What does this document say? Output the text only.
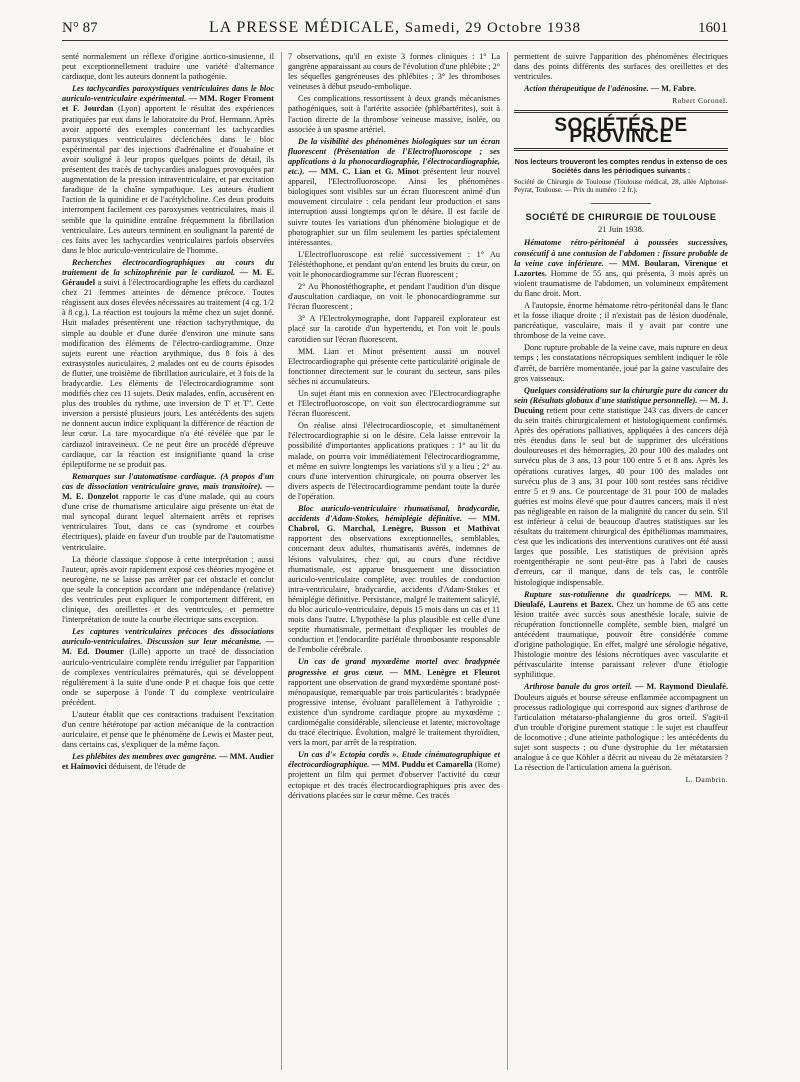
N° 87	LA PRESSE MÉDICALE, Samedi, 29 Octobre 1938	1601

senté normalement un réflexe d'origine aortico-sinusienne, il peut exceptionnellement traduire une variété d'alternance cardiaque, dont les auteurs donnent la pathogénie.

Les tachycardies paroxystiques ventriculaires dans le bloc auriculo-ventriculaire expérimental. — MM. Roger Froment et F. Jourdan (Lyon) apportent le résultat des expériences pratiquées par eux dans le laboratoire du Prof. Hermann. Après avoir apporté des exemples concernant les tachycardies paroxystiques ventriculaires déclenchées dans le bloc expérimental par des injections d'adrénaline et d'ouabaïne et avoir souligné à leur propos quelques points de détail, ils présentent des tracés de tachycardies analogues provoquées par augmentation de la pression intraventriculaire, et par excitation faradique de la chaîne sympathique. Les auteurs étudient l'action de la quinidine et de l'acétylcholine. Ces deux produits interrompent facilement ces paroxysmes ventriculaires, mais il semble que la quinidine entraîne fréquemment la fibrillation ventriculaire. Les auteurs terminent en soulignant la parenté de ces faits avec les tachycardies ventriculaires parfois observées dans le bloc auriculo-ventriculaire de l'homme.

Recherches électrocardiographiques au cours du traitement de la schizophrénie par le cardiazol. — M. E. Géraudel a suivi à l'électrocardiographe les effets du cardiazol chez 21 femmes atteintes de démence précoce. Toutes réagissent aux doses élevées nécessaires au traitement (4 cg. 1/2 à 8 cg.). La réaction est toujours la même chez un sujet donné. Huit malades présentèrent une réaction tachyrythmique, du simple au double et d'une durée d'environ une minute sans modification des éléments de l'électro-cardiogramme. Onze sujets eurent une réaction arythmique, dus 8 fois à des extrasystoles auriculaires, 2 malades ont eu de courts épisodes de flutter, une troisième de fibrillation auriculaire, et 3 fois de la bradycardie. Les éléments de l'électrocardiogramme sont modifiés chez ces 11 sujets. Deux malades, enfin, accusèrent en plus des troubles du rythme, une inversion de T' et T''. Cette inversion a persisté plusieurs jours. Les antécédents des sujets ne donnent aucun indice expliquant la différence de réaction de leur cœur. La tare myocardique n'a été révélée que par le cardiazol intraveineux. Ce ne peut être un procédé d'épreuve cardiaque, car la réaction est insignifiante quand la crise épileptiforme ne se produit pas.

Remarques sur l'automatisme cardiaque. (A propos d'un cas de dissociation ventriculaire grave, mais transitoire). — M. E. Donzelot rapporte le cas d'une malade, qui au cours d'une crise de rhumatisme articulaire aigu présente un état de mal syncopal durant lequel alternaient arrêts et reprises ventriculaires Tout, dans ce cas (syndrome et courbes électriques), plaide en faveur d'un trouble par de l'automatisme ventriculaire.

La théorie classique s'oppose à cette interprétation ; aussi l'auteur, après avoir rapidement exposé ces théories myogène et neurogène, ne se laisse pas arrêter par cet obstacle et conclut que seule la conception accordant une indépendance (relative) des ventricules peut expliquer le comportement différent, en clinique, des oreillettes et des ventricules, et permettre l'interprétation de toute la courbe électrique sans exception.

Les captures ventriculaires précoces des dissociations auriculo-ventriculaires. Discussion sur leur mécanisme. — M. Ed. Doumer (Lille) apporte un tracé de dissociation auriculo-ventriculaire complète rendu irrégulier par l'apparition de complexes ventriculaires prématurés, qui se développent régulièrement à la suite d'une onde P et chaque fois que cette onde se superpose à l'onde T du complexe ventriculaire précédent.

L'auteur établit que ces contractions traduisent l'excitation d'un centre hétérotope par action mécanique de la contraction auriculaire, et pense que le phénomène de Lewis et Master peut, dans certains cas, s'expliquer de la même façon.

Les phlébites des membres avec gangrène. — MM. Audier et Haimovici déduisent, de l'étude de

7 observations, qu'il en existe 3 formes cliniques : 1° La gangrène apparaissant au cours de l'évolution d'une phlébite ; 2° les séquelles gangréneuses des phlébites ; 3° les thromboses veineuses à début pseudo-embolique.

Ces complications ressortissent à deux grands mécanismes pathogéniques, soit à l'artérite associée (phlébartérites), soit à l'action directe de la thrombose veineuse massive, isolée, ou associée à un spasme artériel.

De la visibilité des phénomènes biologiques sur un écran fluorescent (Présentation de l'Electrofluoroscope ; ses applications à la phonocardiographie, l'électrocardiographie, etc.). — MM. C. Lian et G. Minot présentent leur nouvel appareil, l'Electrofluoroscope. Ainsi les phénomènes biologiques sont visibles sur un écran fluorescent animé d'un mouvement circulaire : cela pendant leur production et sans interruption aussi longtemps qu'on le désire. Il est facile de suivre toutes les variations d'un phénomène biologique et de photographier sur un film seulement les parties spécialement intéressantes.

L'Electrofluoroscope est relié successivement : 1° Au Téléstéthophone, et pendant qu'on entend les bruits du cœur, on voit le phonocardiogramme sur l'écran fluorescent ;

2° Au Phonostéthographe, et pendant l'audition d'un disque d'auscultation cardiaque, on voit le phonocardiogramme sur l'écran fluorescent ;

3° A l'Electrokymographe, dont l'appareil explorateur est placé sur la carotide d'un hypertendu, et l'on voit le pouls carotidien sur l'écran fluorescent.

MM. Lian et Minot présentent aussi un nouvel Electrocardiographe qui présente cette particularité originale de fonctionner directement sur le courant du secteur, sans piles sèches ni accumulateurs.

Un sujet étant mis en connexion avec l'Electrocardiographe et l'Electrofluoroscope, on voit son électrocardiogramme sur l'écran fluorescent.

On réalise ainsi l'électrocardioscopie, et simultanément l'électrocardiographie si on le désire. Cela laisse entrevoir la possibilité d'importantes applications pratiques : 1° au lit du malade, on pourra voir immédiatement l'électrocardiogramme, et même en suivre longtemps les variations s'il y a lieu ; 2° au cours d'une intervention chirurgicale, on pourra observer les divers aspects de l'électrocardiogramme pendant toute la durée de l'opération.

Bloc auriculo-ventriculaire rhumatismal, bradycardie, accidents d'Adam-Stokes, hémiplégie définitive. — MM. Chabrol, G. Marchal, Lenègre, Busson et Mathivat rapportent des observations exceptionnelles, semblables, concernant deux adultes, rhumatisants avérés, indemnes de lésions valvulaires, chez qui, au cours d'une récidive rhumatismale, est apparue brusquement une dissociation auriculo-ventriculaire complète, avec troubles de conduction intra-ventriculaire, bradycardie, accidents d'Adam-Stokes et hémiplégie définitive. Persistance, malgré le traitement salicylé, du bloc auriculo-ventriculaire, depuis 15 mois dans un cas et 11 mois dans l'autre. L'hypothèse la plus plausible est celle d'une septite rhumatismale, permettant d'expliquer les troubles de conduction et l'endocardite pariétale thrombosante responsable de l'embolie cérébrale.

Un cas de grand myxœdème mortel avec bradypnée progressive et gros cœur. — MM. Lenègre et Fleurot rapportent une observation de grand myxœdème spontané post-ménopausique, remarquable par trois particularités : bradypnée progressive intense, évoluant parallèlement à l'athyroïdie ; existence d'un syndrome cardiaque propre au myxœdème ; cardiomégalie considérable, silencieuse et latente, microvoltage du tracé électrique. Évolution, malgré le traitement thyroïdien, vers la mort, par arrêt de la respiration.

Un cas d'« Ectopia cordis ». Etude cinématographique et électrocardiographique. — MM. Puddu et Camarella (Rome) projettent un film qui permet d'observer l'activité du cœur ectopique et des tracés électrocardiographiques pris avec des dérivations placées sur le cœur même. Ces tracés

permettent de suivre l'apparition des phénomènes électriques dans des points différents des surfaces des oreillettes et des ventricules.

Action thérapeutique de l'adénosine. — M. Fabre.

Robert Coronel.
SOCIÉTÉS DE PROVINCE
Nos lecteurs trouveront les comptes rendus in extenso de ces Sociétés dans les périodiques suivants :

Société de Chirurgie de Toulouse (Toulouse médical, 28, allée Alphonse-Peyrat, Toulouse. — Prix du numéro : 2 fr.).

SOCIÉTÉ DE CHIRURGIE DE TOULOUSE
21 Juin 1938.

Hématome rétro-péritonéal à poussées successives, consécutif à une contusion de l'abdomen : fissure probable de la veine cave inférieure. — MM. Boularan, Virenque et Lazortes. Homme de 55 ans, qui présenta, 3 mois après un violent traumatisme de l'abdomen, un volumineux empâtement du flanc droit. Mort.

A l'autopsie, énorme hématome rétro-péritonéal dans le flanc et la fosse iliaque droite ; il n'existait pas de lésion duodénale, pancréatique, vasculaire, mais il y avait par contre une thrombose de la veine cave.

Donc rupture probable de la veine cave, mais rupture en deux temps ; les constatations nécropsiques semblent indiquer le rôle d'arrêt, de barrière momentanée, joué par la gaine vasculaire des gros vaisseaux.

Quelques considérations sur la chirurgie pure du cancer du sein (Résultats globaux d'une statistique personnelle). — M. J. Ducuing retient pour cette statistique 243 cas divers de cancer du sein traités chirurgicalement et histologiquement confirmés. Après des opérations palliatives, appliquées à des cancers déjà très étendus dans le seul but de supprimer des ulcérations douloureuses et des hémorragies, 20 pour 100 des malades ont survécu plus de 3 ans, 13 pour 100 entre 5 et 8 ans. Après les opérations curatives larges, 40 pour 100 des malades ont survécu plus de 3 ans, 31 pour 100 sont restées sans récidive entre 5 et 9 ans. Ce pourcentage de 31 pour 100 de malades guéries est moins élevé que pour d'autres cancers, mais il n'est pas négligeable en raison de la malignité du cancer du sein. S'il est inférieur à celui de beaucoup d'autres statistiques sur les résultats du traitement chirurgical des épithéliomas mammaires, c'est que les indications des interventions curatives ont été aussi larges que possible. Les statistiques de prévision après roentgenthérapie ne sont peut-être pas à l'abri de causes d'erreurs, car il manque, dans de tels cas, le contrôle histologique indispensable.

Rupture sus-rotulienne du quadriceps. — MM. R. Dieulafé, Laurens et Bazex. Chez un homme de 65 ans cette lésion traitée avec succès sous anesthésie locale, suivie de récupération fonctionnelle complète, semble bien, malgré un antécédent traumatique, pouvoir être considérée comme d'origine pathologique. En effet, malgré une sérologie négative, l'histologie montre des lésions nécrotiques avec vascularite et périvascularite intense paraissant relever d'une étiologie syphilitique.

Arthrose banale du gros orteil. — M. Raymond Dieulafé. Douleurs aiguës et bourse séreuse enflammée accompagnent un processus radiologique qui correspond aux signes d'arthrose de l'articulation métatarso-phalangienne du gros orteil. S'agit-il d'un trouble d'origine purement statique : le sujet est chauffeur de locomotive ; d'une atteinte pathologique : les antécédents du sujet sont suspects ; ou d'une dystrophie du 1er métatarsien analogue à ce que Köhler a décrit au niveau du 2e métatarsien ? La résection de l'articulation amena la guérison.

L. Dambrin.
